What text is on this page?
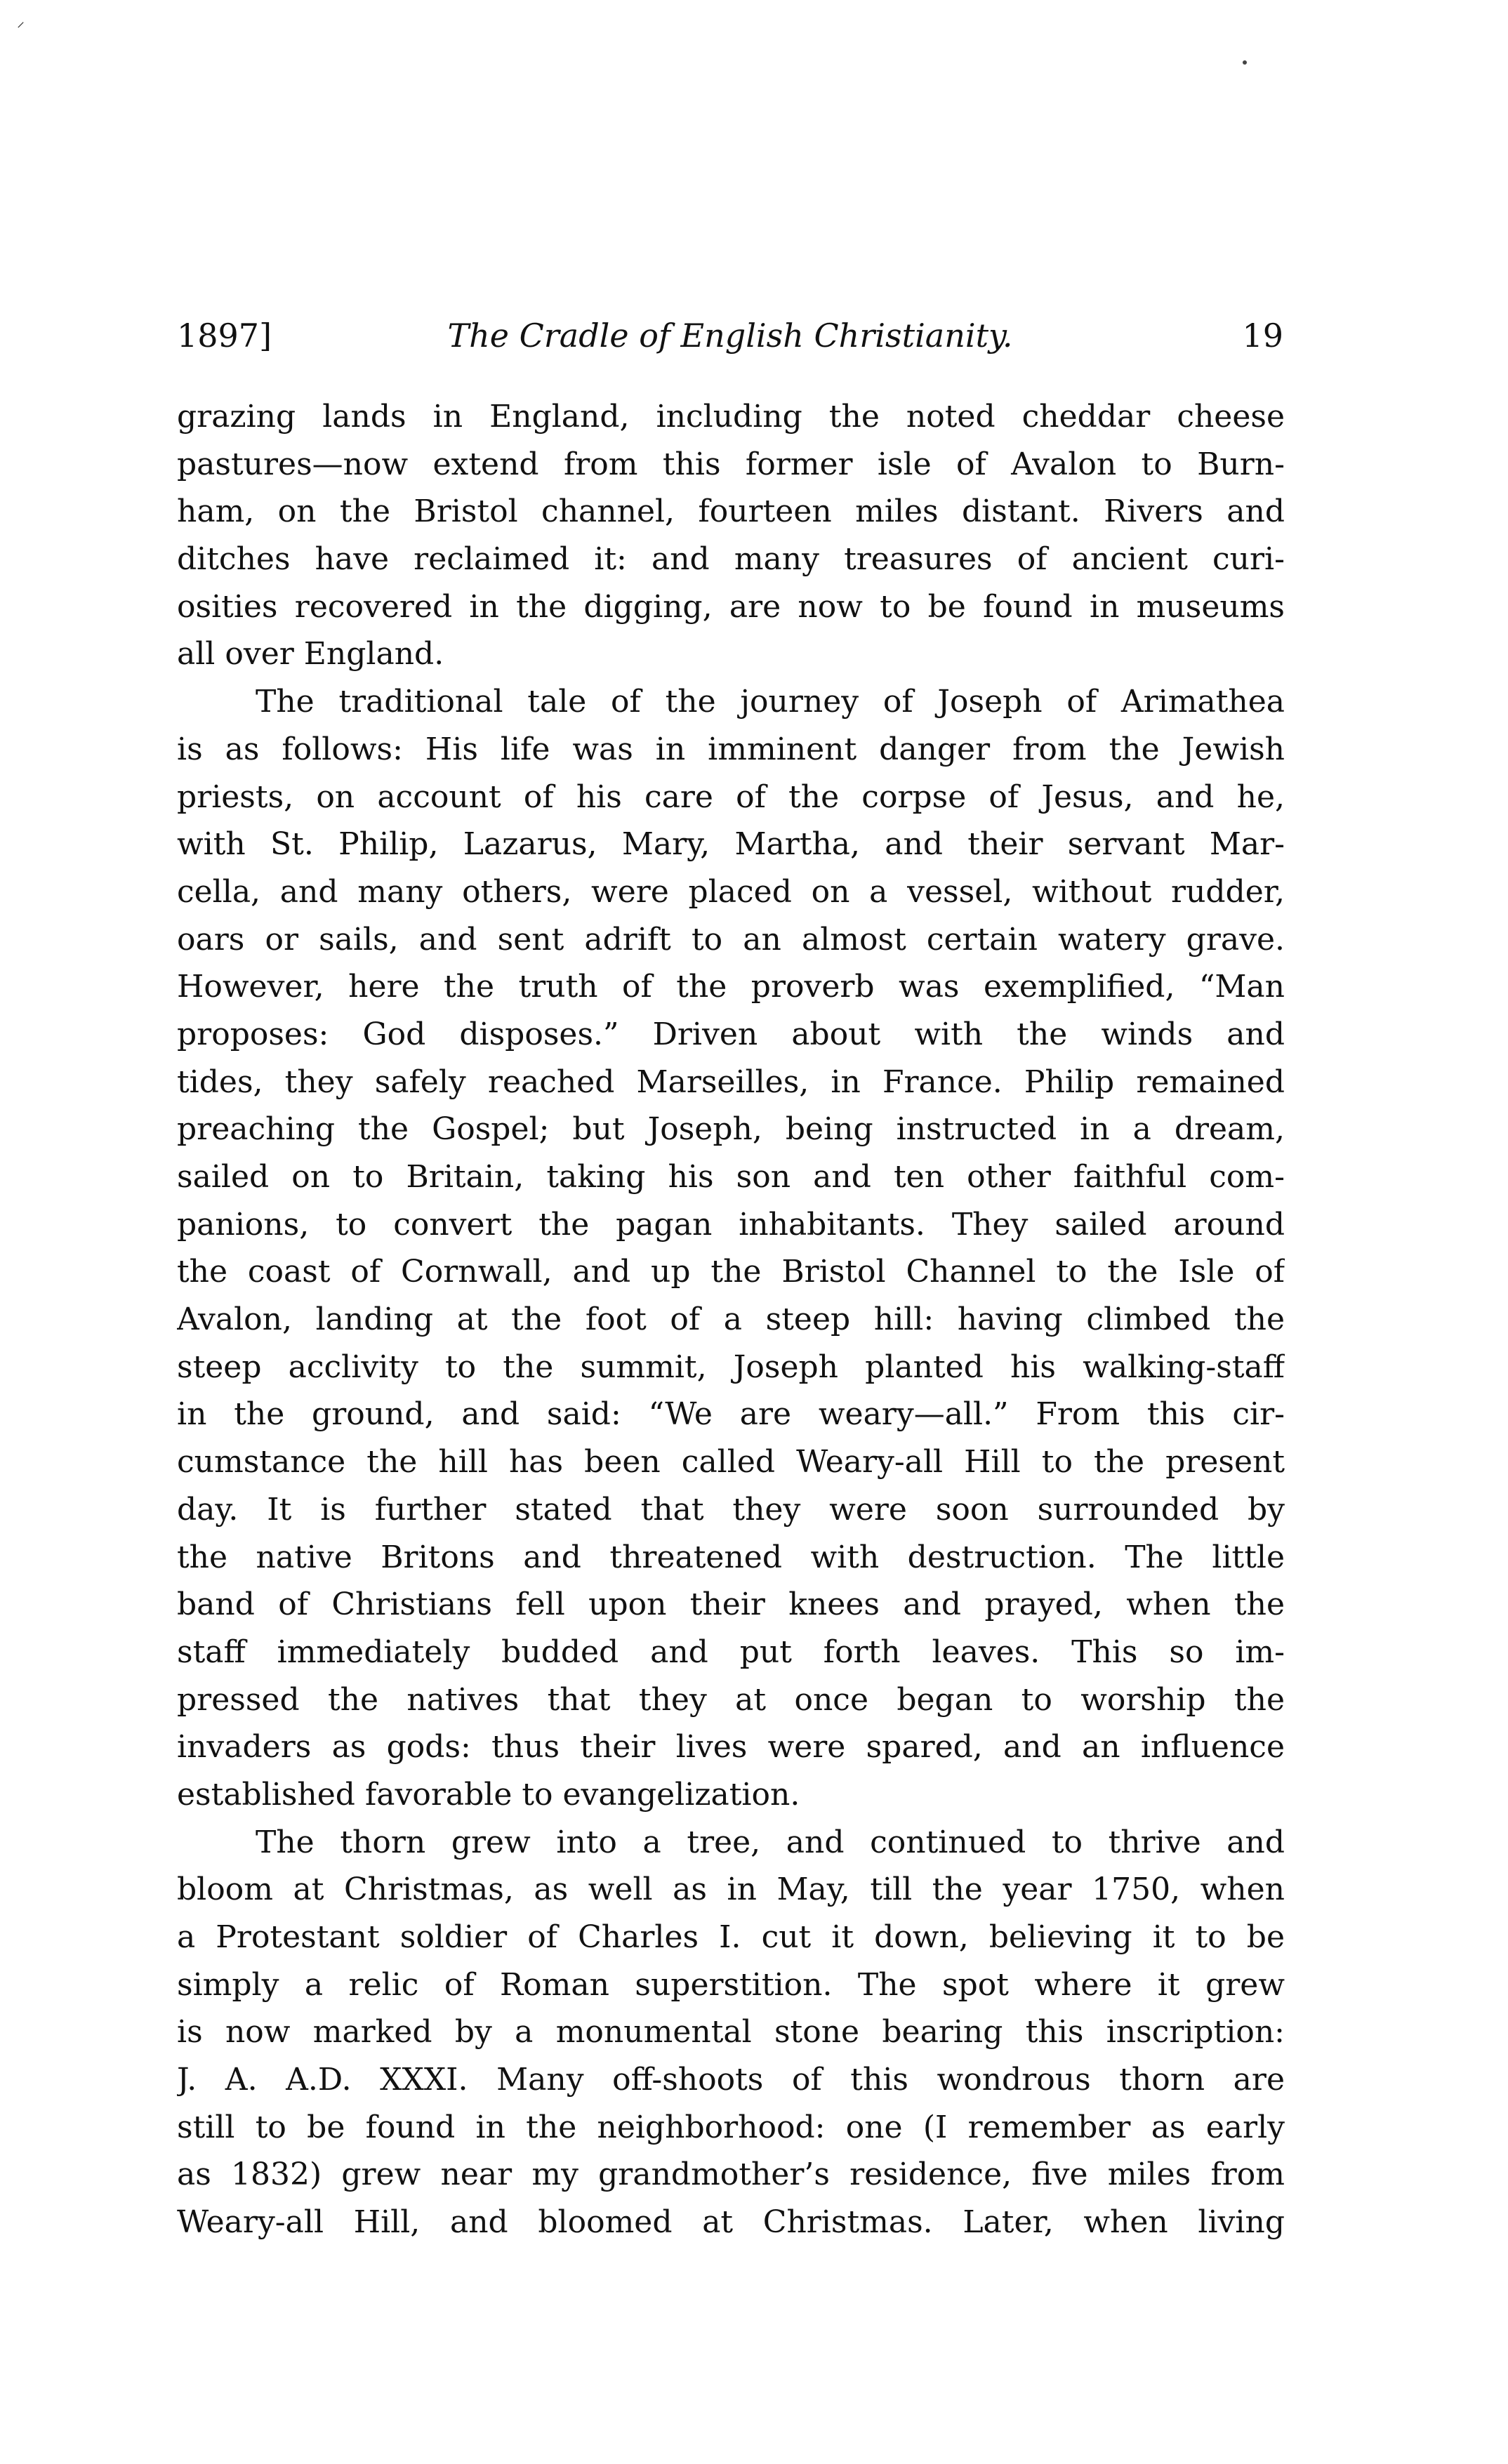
⸍
1897]	The Cradle of English Christianity.	19
grazing lands in England, including the noted cheddar cheese
pastures—now extend from this former isle of Avalon to Burn-
ham, on the Bristol channel, fourteen miles distant. Rivers and
ditches have reclaimed it: and many treasures of ancient curi-
osities recovered in the digging, are now to be found in museums
all over England.
The traditional tale of the journey of Joseph of Arimathea
is as follows: His life was in imminent danger from the Jewish
priests, on account of his care of the corpse of Jesus, and he,
with St. Philip, Lazarus, Mary, Martha, and their servant Mar-
cella, and many others, were placed on a vessel, without rudder,
oars or sails, and sent adrift to an almost certain watery grave.
However, here the truth of the proverb was exemplified, “Man
proposes: God disposes.” Driven about with the winds and
tides, they safely reached Marseilles, in France. Philip remained
preaching the Gospel; but Joseph, being instructed in a dream,
sailed on to Britain, taking his son and ten other faithful com-
panions, to convert the pagan inhabitants. They sailed around
the coast of Cornwall, and up the Bristol Channel to the Isle of
Avalon, landing at the foot of a steep hill: having climbed the
steep acclivity to the summit, Joseph planted his walking-staff
in the ground, and said: “We are weary—all.” From this cir-
cumstance the hill has been called Weary-all Hill to the present
day. It is further stated that they were soon surrounded by
the native Britons and threatened with destruction. The little
band of Christians fell upon their knees and prayed, when the
staff immediately budded and put forth leaves. This so im-
pressed the natives that they at once began to worship the
invaders as gods: thus their lives were spared, and an influence
established favorable to evangelization.
The thorn grew into a tree, and continued to thrive and
bloom at Christmas, as well as in May, till the year 1750, when
a Protestant soldier of Charles I. cut it down, believing it to be
simply a relic of Roman superstition. The spot where it grew
is now marked by a monumental stone bearing this inscription:
J. A. A.D. XXXI. Many off-shoots of this wondrous thorn are
still to be found in the neighborhood: one (I remember as early
as 1832) grew near my grandmother’s residence, five miles from
Weary-all Hill, and bloomed at Christmas. Later, when living
